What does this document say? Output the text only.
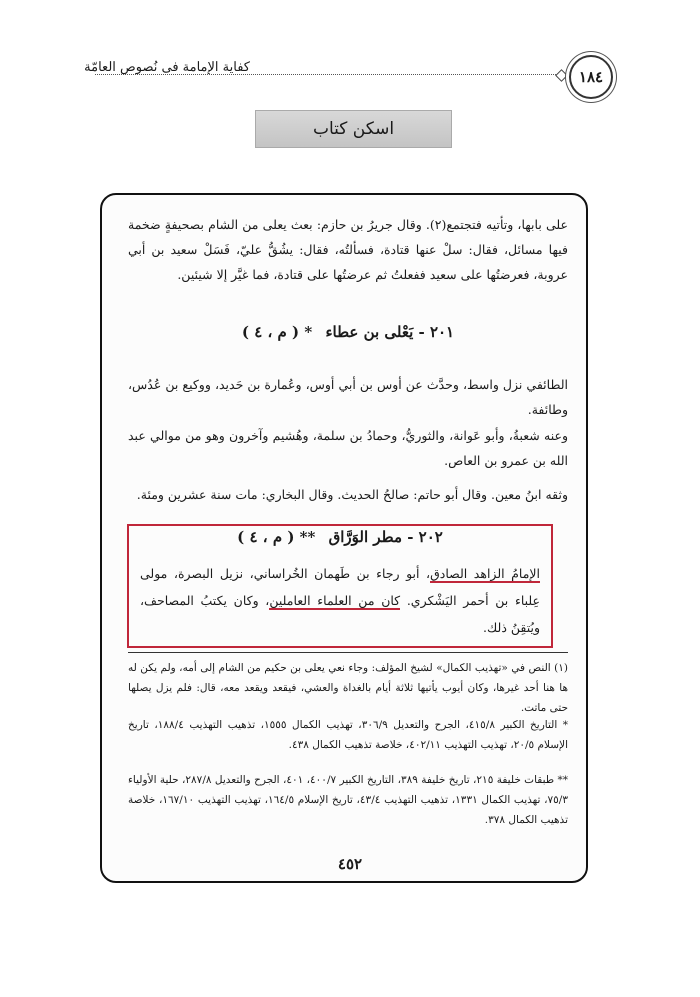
كفاية الإمامة فى نُصوص العامّة
١٨٤
اسكن كتاب
على بابها، وتأتيه فتجتمع(٢). وقال جريرُ بن حازم: بعث يعلى من الشام بصحيفةٍ ضخمة فيها مسائل، فقال: سلْ عنها قتادة، فسألتُه، فقال: يشُقُّ عليّ، فَسَلْ سعيد بن أبي عروبة، فعرضتُها على سعيد ففعلتُ ثم عرضتُها على قتادة، فما غيَّر إلا شيئين.
٢٠١ - يَعْلى بن عطاء * ( م ، ٤ )
الطائفي نزل واسط، وحدَّث عن أوس بن أبي أوس، وعُمارة بن حَديد، ووكيع بن عُدُس، وطائفة.
وعنه شعبةُ، وأبو عَوانة، والثوريُّ، وحمادُ بن سلمة، وهُشيم وآخرون وهو من موالي عبد الله بن عمرو بن العاص.
وثقه ابنُ معين. وقال أبو حاتم: صالحُ الحديث. وقال البخاري: مات سنة عشرين ومئة.
٢٠٢ - مطر الوَرَّاق ** ( م ، ٤ )
الإمامُ الزاهد الصادق، أبو رجاء بن طَهمان الخُراساني، نزيل البصرة، مولى عِلباء بن أحمر اليَشْكري. كان من العلماء العاملين، وكان يكتبُ المصاحف، ويُتقِنُ ذلك.
(١) النص في «تهذيب الكمال» لشيخ المؤلف: وجاء نعي يعلى بن حكيم من الشام إلى أمه، ولم يكن له ها هنا أحد غيرها، وكان أيوب يأتيها ثلاثة أيام بالغداة والعشي، فيقعد ويقعد معه، قال: فلم يزل يصلها حتى ماتت.
* التاريخ الكبير ٤١٥/٨، الجرح والتعديل ٣٠٦/٩، تهذيب الكمال ١٥٥٥، تذهيب التهذيب ١٨٨/٤، تاريخ الإسلام ٢٠/٥، تهذيب التهذيب ٤٠٢/١١، خلاصة تذهيب الكمال ٤٣٨.
** طبقات خليفة ٢١٥، تاريخ خليفة ٣٨٩، التاريخ الكبير ٤٠٠/٧، ٤٠١، الجرح والتعديل ٢٨٧/٨، حلية الأولياء ٧٥/٣، تهذيب الكمال ١٣٣١، تذهيب التهذيب ٤٣/٤، تاريخ الإسلام ١٦٤/٥، تهذيب التهذيب ١٦٧/١٠، خلاصة تذهيب الكمال ٣٧٨.
٤٥٢
